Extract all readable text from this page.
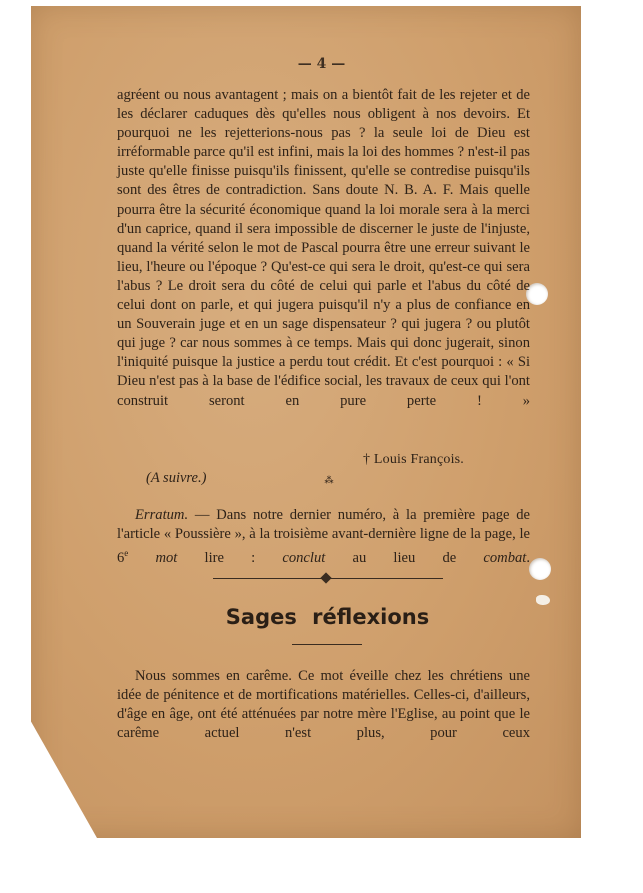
— 4 —

agréent ou nous avantagent ; mais on a bientôt fait de les rejeter et de les déclarer caduques dès qu'elles nous obligent à nos devoirs. Et pourquoi ne les rejetterions-nous pas ? la seule loi de Dieu est irréformable parce qu'il est infini, mais la loi des hommes ? n'est-il pas juste qu'elle finisse puisqu'ils finissent, qu'elle se contredise puisqu'ils sont des êtres de contradiction. Sans doute N. B. A. F. Mais quelle pourra être la sécurité économique quand la loi morale sera à la merci d'un caprice, quand il sera impossible de discerner le juste de l'injuste, quand la vérité selon le mot de Pascal pourra être une erreur suivant le lieu, l'heure ou l'époque ? Qu'est-ce qui sera le droit, qu'est-ce qui sera l'abus ? Le droit sera du côté de celui qui parle et l'abus du côté de celui dont on parle, et qui jugera puisqu'il n'y a plus de confiance en un Souverain juge et en un sage dispensateur ? qui jugera ? ou plutôt qui juge ? car nous sommes à ce temps. Mais qui donc jugerait, sinon l'iniquité puisque la justice a perdu tout crédit. Et c'est pourquoi : « Si Dieu n'est pas à la base de l'édifice social, les travaux de ceux qui l'ont construit seront en pure perte ! »

(A suivre.)
† Louis François.
⁂

Erratum. — Dans notre dernier numéro, à la première page de l'article « Poussière », à la troisième avant-dernière ligne de la page, le 6e mot lire : conclut au lieu de combat.

Sages réflexions

Nous sommes en carême. Ce mot éveille chez les chrétiens une idée de pénitence et de mortifications matérielles. Celles-ci, d'ailleurs, d'âge en âge, ont été atténuées par notre mère l'Eglise, au point que le carême actuel n'est plus, pour ceux
